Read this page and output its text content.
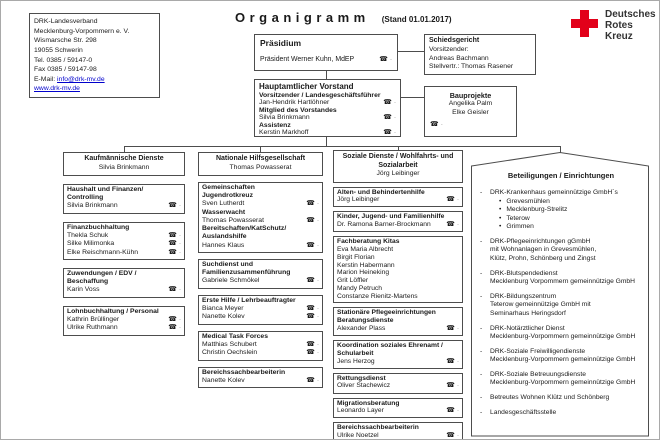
DRK-Landesverband
Mecklenburg-Vorpommern e. V.
Wismarsche Str. 298
19055 Schwerin
Tel. 0385 / 59147-0
Fax 0385 / 59147-98
E-Mail: info@drk-mv.de
www.drk-mv.de
Organigramm (Stand 01.01.2017)	Deutsches
Rotes
Kreuz
Präsidium
Präsident Werner Kuhn, MdEP	☎ -
Schiedsgericht
Vorsitzender:
Andreas Bachmann
Stellvertr.: Thomas Rasener
Hauptamtlicher Vorstand
Vorsitzender / Landesgeschäftsführer
Jan-Hendrik Hartlöhner	☎ -
Mitglied des Vorstandes
Silvia Brinkmann	☎ -
Assistenz
Kerstin Markhoff	☎ -
Bauprojekte
Angelika Palm
Elke Geisler
☎ -
Kaufmännische Dienste
Silvia Brinkmann
Haushalt und Finanzen/
Controlling
Silvia Brinkmann	☎ -
Finanzbuchhaltung
Thekla Schuk	☎ -
Silke Milimonka	☎ -
Elke Reischmann-Kühn	☎ -
Zuwendungen / EDV /
Beschaffung
Karin Voss	☎ -
Lohnbuchhaltung / Personal
Kathrin Brüllinger	☎ -
Ulrike Ruthmann	☎ -
Nationale Hilfsgesellschaft
Thomas Powasserat
Gemeinschaften
Jugendrotkreuz
Sven Lutherdt	☎ -
Wasserwacht
Thomas Powasserat	☎ -
Bereitschaften/KatSchutz/
Auslandshilfe
Hannes Klaus	☎ -
Suchdienst und
Familienzusammenführung
Gabriele Schmökel	☎ -
Erste Hilfe / Lehrbeauftragter
Bianca Meyer	☎ -
Nanette Kolev	☎ -
Medical Task Forces
Matthias Schubert	☎ -
Christin Oechslein	☎ -
Bereichssachbearbeiterin
Nanette Kolev	☎ -
Soziale Dienste / Wohlfahrts- und Sozialarbeit
Jörg Leibinger
Alten- und Behindertenhilfe
Jörg Leibinger	☎ -
Kinder, Jugend- und Familienhilfe
Dr. Ramona Barner-Brockmann ☎ -
Fachberatung Kitas
Eva Maria Albrecht
Birgit Florian
Kerstin Habermann
Marion Heineking
Grit Löffler
Mandy Petruch
Constanze Rienitz-Martens
Stationäre Pflegeeinrichtungen
Beratungsdienste
Alexander Plass	☎ -
Koordination soziales Ehrenamt /
Schularbeit
Jens Herzog	☎ -
Rettungsdienst
Oliver Stachewicz	☎ -
Migrationsberatung
Leonardo Layer	☎ -
Bereichssachbearbeiterin
Ulrike Noetzel	☎ -
Beteiligungen / Einrichtungen
-	DRK-Krankenhaus gemeinnützige GmbH´s
• Grevesmühlen
• Mecklenburg-Strelitz
• Teterow
• Grimmen
-	DRK-Pflegeeinrichtungen gGmbH
mit Wohnanlagen in Grevesmühlen,
Klütz, Prohn, Schönberg und Zingst
-	DRK-Blutspendedienst
Mecklenburg Vorpommern gemeinnützige GmbH
-	DRK-Bildungszentrum
Teterow gemeinnützige GmbH mit
Seminarhaus Heringsdorf
-	DRK-Notärztlicher Dienst
Mecklenburg-Vorpommern gemeinnützige GmbH
-	DRK-Soziale Freiwilligendienste
Mecklenburg-Vorpommern gemeinnützige GmbH
-	DRK-Soziale Betreuungsdienste
Mecklenburg-Vorpommern gemeinnützige GmbH
-	Betreutes Wohnen Klütz und Schönberg
-	Landesgeschäftsstelle
